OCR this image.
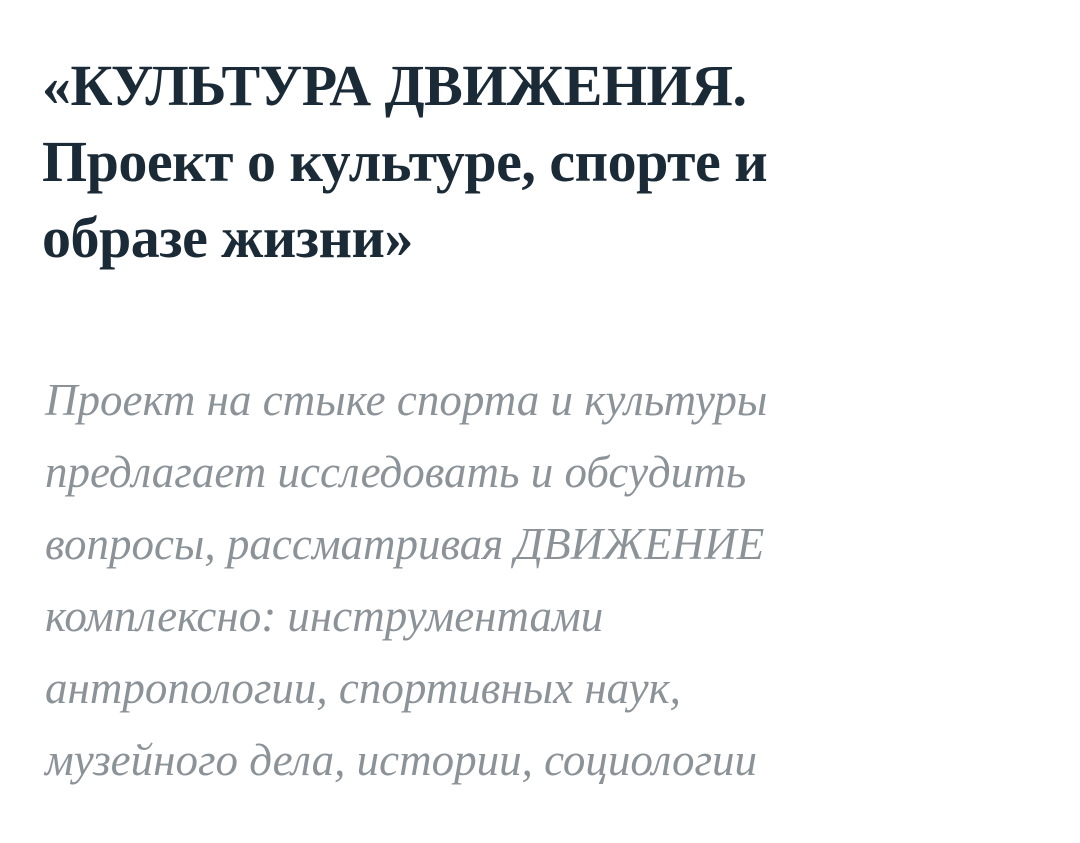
«КУЛЬТУРА ДВИЖЕНИЯ.
Проект о культуре, спорте и
образе жизни»

Проект на стыке спорта и культуры
предлагает исследовать и обсудить
вопросы, рассматривая ДВИЖЕНИЕ
комплексно: инструментами
антропологии, спортивных наук,
музейного дела, истории, социологии
